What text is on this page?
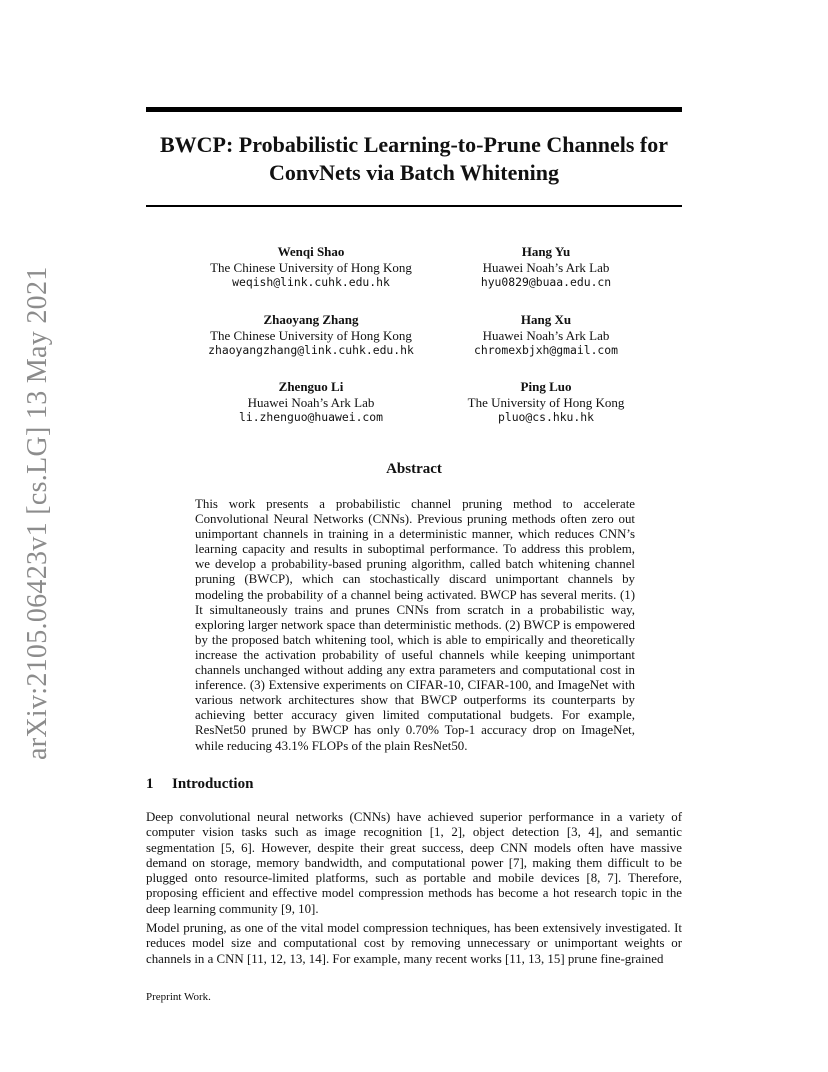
arXiv:2105.06423v1 [cs.LG] 13 May 2021
BWCP: Probabilistic Learning-to-Prune Channels for
ConvNets via Batch Whitening
Wenqi Shao
The Chinese University of Hong Kong
weqish@link.cuhk.edu.hk
Hang Yu
Huawei Noah’s Ark Lab
hyu0829@buaa.edu.cn
Zhaoyang Zhang
The Chinese University of Hong Kong
zhaoyangzhang@link.cuhk.edu.hk
Hang Xu
Huawei Noah’s Ark Lab
chromexbjxh@gmail.com
Zhenguo Li
Huawei Noah’s Ark Lab
li.zhenguo@huawei.com
Ping Luo
The University of Hong Kong
pluo@cs.hku.hk
Abstract
This work presents a probabilistic channel pruning method to accelerate Convolutional Neural Networks (CNNs). Previous pruning methods often zero out unimportant channels in training in a deterministic manner, which reduces CNN’s learning capacity and results in suboptimal performance. To address this problem, we develop a probability-based pruning algorithm, called batch whitening channel pruning (BWCP), which can stochastically discard unimportant channels by modeling the probability of a channel being activated. BWCP has several merits. (1) It simultaneously trains and prunes CNNs from scratch in a probabilistic way, exploring larger network space than deterministic methods. (2) BWCP is empowered by the proposed batch whitening tool, which is able to empirically and theoretically increase the activation probability of useful channels while keeping unimportant channels unchanged without adding any extra parameters and computational cost in inference. (3) Extensive experiments on CIFAR-10, CIFAR-100, and ImageNet with various network architectures show that BWCP outperforms its counterparts by achieving better accuracy given limited computational budgets. For example, ResNet50 pruned by BWCP has only 0.70% Top-1 accuracy drop on ImageNet, while reducing 43.1% FLOPs of the plain ResNet50.
1 Introduction
Deep convolutional neural networks (CNNs) have achieved superior performance in a variety of computer vision tasks such as image recognition [1, 2], object detection [3, 4], and semantic segmentation [5, 6]. However, despite their great success, deep CNN models often have massive demand on storage, memory bandwidth, and computational power [7], making them difficult to be plugged onto resource-limited platforms, such as portable and mobile devices [8, 7]. Therefore, proposing efficient and effective model compression methods has become a hot research topic in the deep learning community [9, 10].
Model pruning, as one of the vital model compression techniques, has been extensively investigated. It reduces model size and computational cost by removing unnecessary or unimportant weights or channels in a CNN [11, 12, 13, 14]. For example, many recent works [11, 13, 15] prune fine-grained
Preprint Work.
